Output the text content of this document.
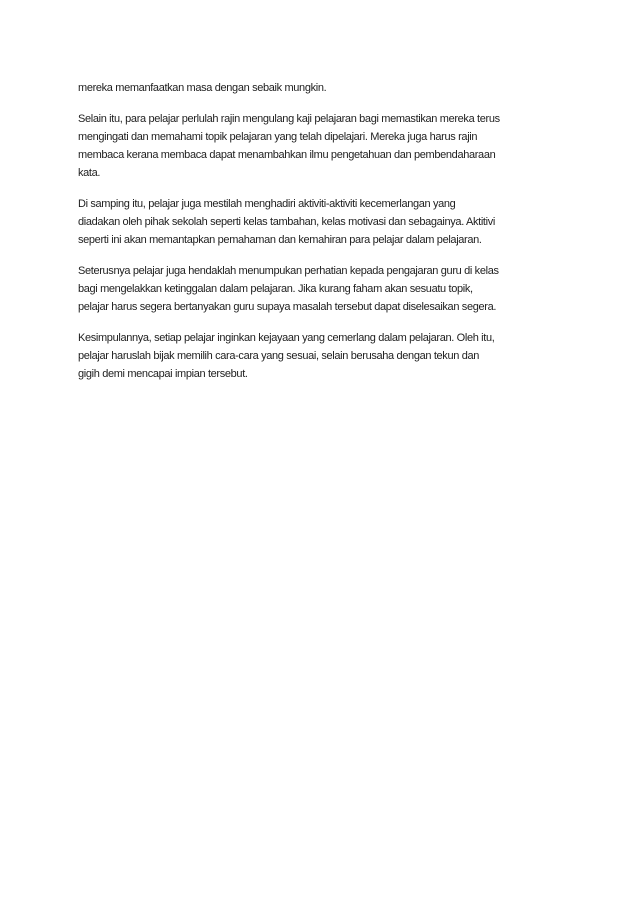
mereka memanfaatkan masa dengan sebaik mungkin.

Selain itu, para pelajar perlulah rajin mengulang kaji pelajaran bagi memastikan mereka terus
mengingati dan memahami topik pelajaran yang telah dipelajari. Mereka juga harus rajin
membaca kerana membaca dapat menambahkan ilmu pengetahuan dan pembendaharaan
kata.

Di samping itu, pelajar juga mestilah menghadiri aktiviti-aktiviti kecemerlangan yang
diadakan oleh pihak sekolah seperti kelas tambahan, kelas motivasi dan sebagainya. Aktitivi
seperti ini akan memantapkan pemahaman dan kemahiran para pelajar dalam pelajaran.

Seterusnya pelajar juga hendaklah menumpukan perhatian kepada pengajaran guru di kelas
bagi mengelakkan ketinggalan dalam pelajaran. Jika kurang faham akan sesuatu topik,
pelajar harus segera bertanyakan guru supaya masalah tersebut dapat diselesaikan segera.

Kesimpulannya, setiap pelajar inginkan kejayaan yang cemerlang dalam pelajaran. Oleh itu,
pelajar haruslah bijak memilih cara-cara yang sesuai, selain berusaha dengan tekun dan
gigih demi mencapai impian tersebut.
